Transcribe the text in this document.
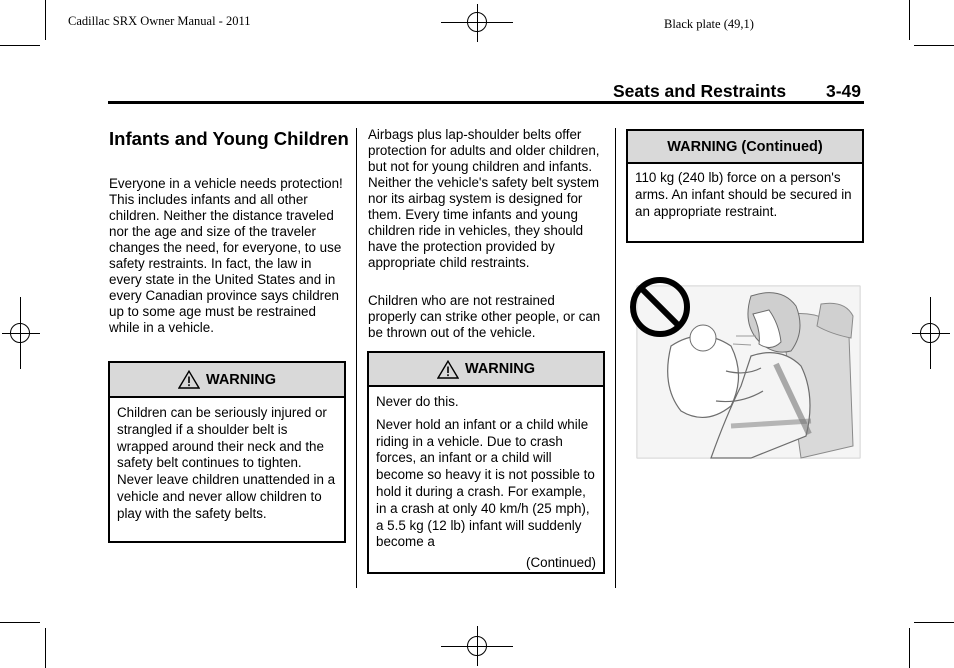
Cadillac SRX Owner Manual - 2011	Black plate (49,1)
Seats and Restraints 3-49
Infants and Young Children
Everyone in a vehicle needs protection! This includes infants and all other children. Neither the distance traveled nor the age and size of the traveler changes the need, for everyone, to use safety restraints. In fact, the law in every state in the United States and in every Canadian province says children up to some age must be restrained while in a vehicle.
WARNING

Children can be seriously injured or strangled if a shoulder belt is wrapped around their neck and the safety belt continues to tighten. Never leave children unattended in a vehicle and never allow children to play with the safety belts.

Airbags plus lap-shoulder belts offer protection for adults and older children, but not for young children and infants. Neither the vehicle's safety belt system nor its airbag system is designed for them. Every time infants and young children ride in vehicles, they should have the protection provided by appropriate child restraints.
Children who are not restrained properly can strike other people, or can be thrown out of the vehicle.
WARNING

Never do this.

Never hold an infant or a child while riding in a vehicle. Due to crash forces, an infant or a child will become so heavy it is not possible to hold it during a crash. For example, in a crash at only 40 km/h (25 mph), a 5.5 kg (12 lb) infant will suddenly become a

(Continued)
WARNING (Continued)

110 kg (240 lb) force on a person's arms. An infant should be secured in an appropriate restraint.
